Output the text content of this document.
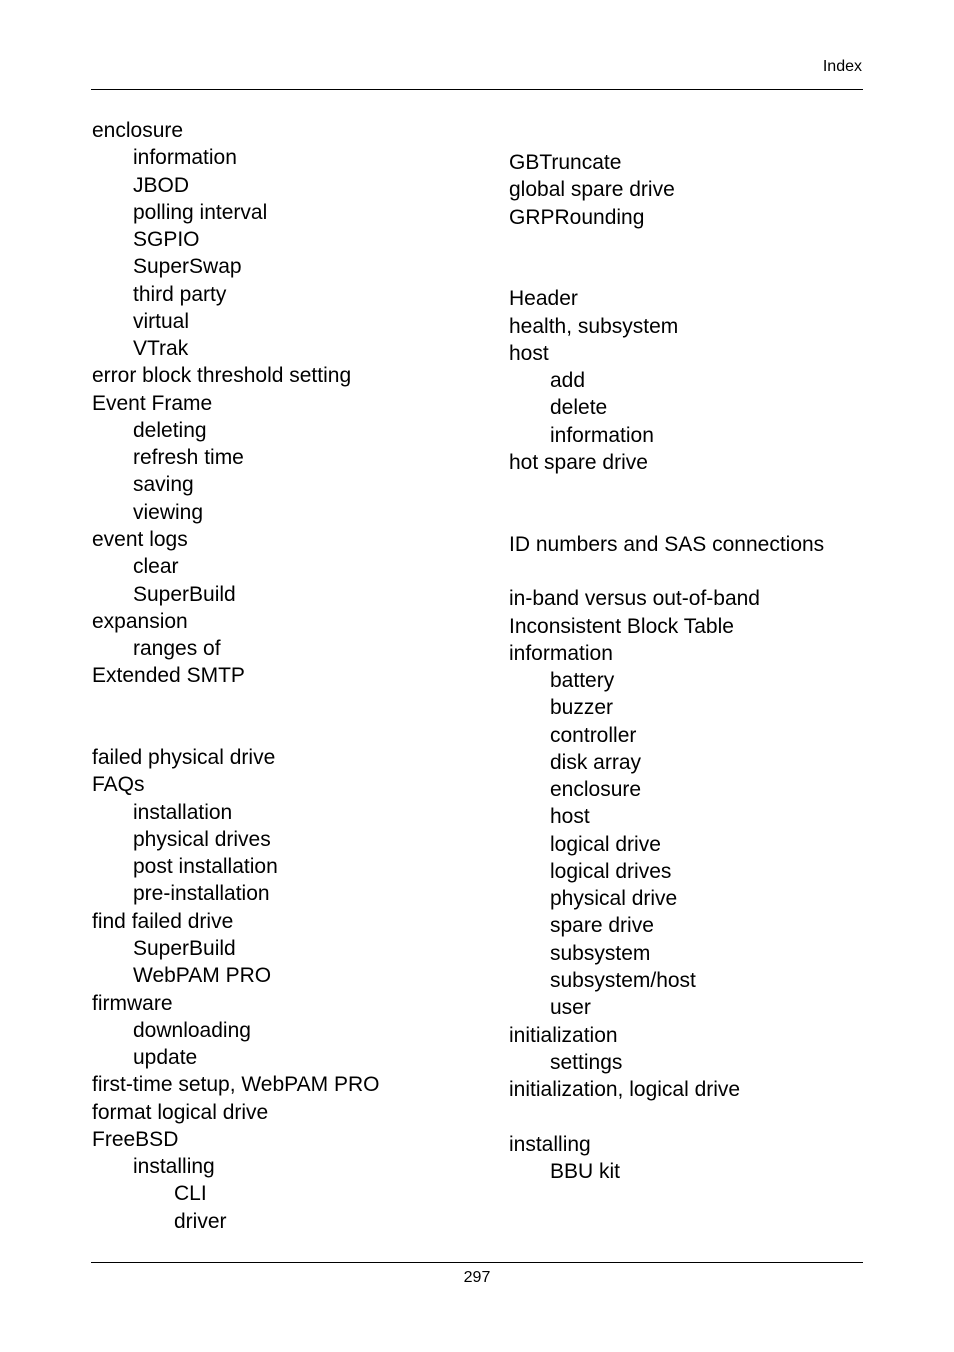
Index
enclosure
information
JBOD
polling interval
SGPIO
SuperSwap
third party
virtual
VTrak
error block threshold setting
Event Frame
deleting
refresh time
saving
viewing
event logs
clear
SuperBuild
expansion
ranges of
Extended SMTP
failed physical drive
FAQs
installation
physical drives
post installation
pre-installation
find failed drive
SuperBuild
WebPAM PRO
firmware
downloading
update
first-time setup, WebPAM PRO
format logical drive
FreeBSD
installing
CLI
driver
GBTruncate
global spare drive
GRPRounding
Header
health, subsystem
host
add
delete
information
hot spare drive
ID numbers and SAS connections
in-band versus out-of-band
Inconsistent Block Table
information
battery
buzzer
controller
disk array
enclosure
host
logical drive
logical drives
physical drive
spare drive
subsystem
subsystem/host
user
initialization
settings
initialization, logical drive
installing
BBU kit
297
